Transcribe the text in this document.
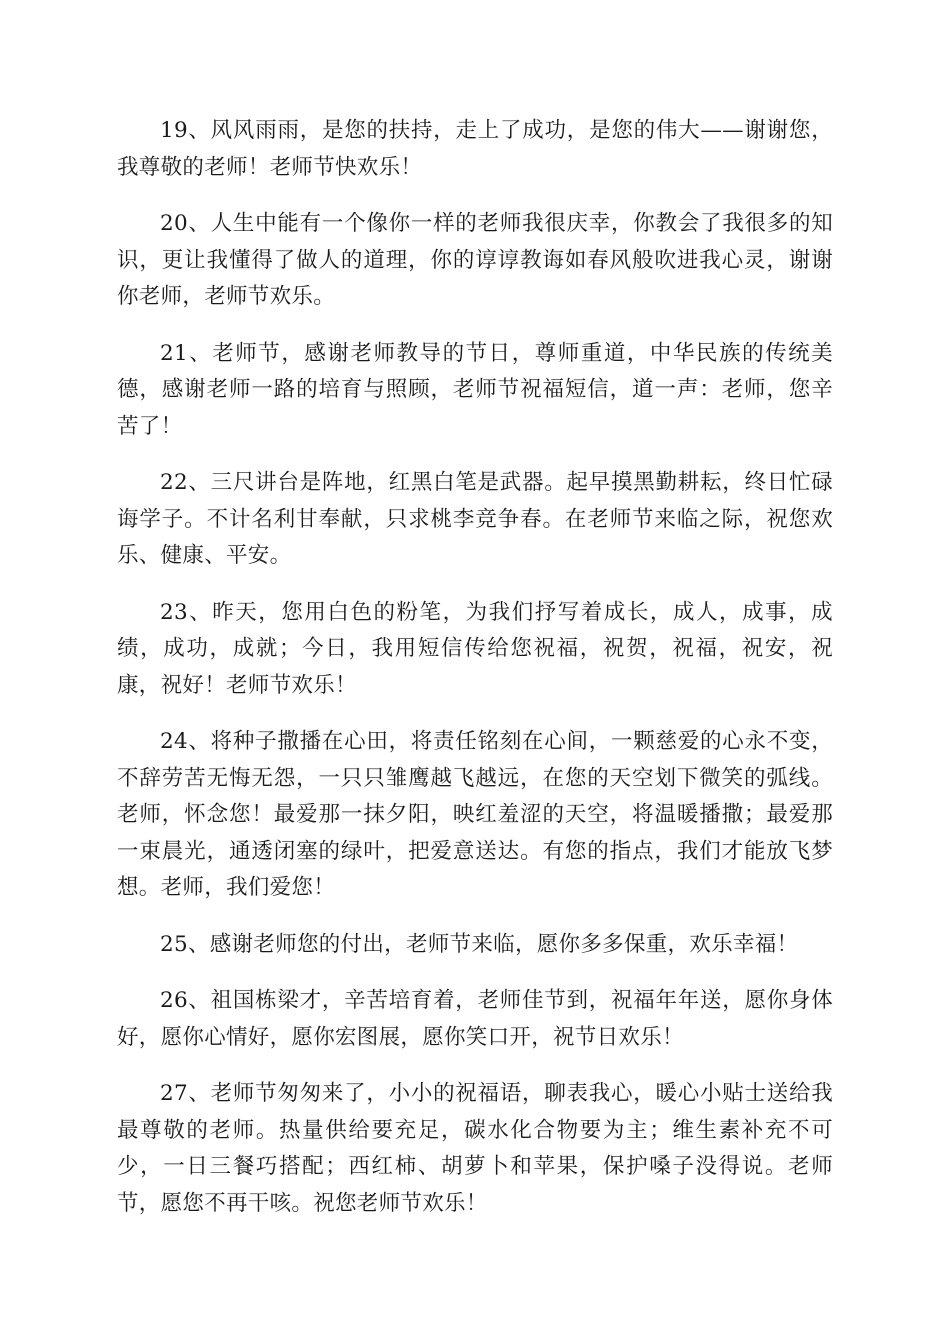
19、风风雨雨，是您的扶持，走上了成功，是您的伟大——谢谢您，我尊敬的老师！老师节快欢乐！

20、人生中能有一个像你一样的老师我很庆幸，你教会了我很多的知识，更让我懂得了做人的道理，你的谆谆教诲如春风般吹进我心灵，谢谢你老师，老师节欢乐。

21、老师节，感谢老师教导的节日，尊师重道，中华民族的传统美德，感谢老师一路的培育与照顾，老师节祝福短信，道一声：老师，您辛苦了！

22、三尺讲台是阵地，红黑白笔是武器。起早摸黑勤耕耘，终日忙碌诲学子。不计名利甘奉献，只求桃李竞争春。在老师节来临之际，祝您欢乐、健康、平安。

23、昨天，您用白色的粉笔，为我们抒写着成长，成人，成事，成绩，成功，成就；今日，我用短信传给您祝福，祝贺，祝福，祝安，祝康，祝好！老师节欢乐！

24、将种子撒播在心田，将责任铭刻在心间，一颗慈爱的心永不变，不辞劳苦无悔无怨，一只只雏鹰越飞越远，在您的天空划下微笑的弧线。老师，怀念您！最爱那一抹夕阳，映红羞涩的天空，将温暖播撒；最爱那一束晨光，通透闭塞的绿叶，把爱意送达。有您的指点，我们才能放飞梦想。老师，我们爱您！

25、感谢老师您的付出，老师节来临，愿你多多保重，欢乐幸福！

26、祖国栋梁才，辛苦培育着，老师佳节到，祝福年年送，愿你身体好，愿你心情好，愿你宏图展，愿你笑口开，祝节日欢乐！

27、老师节匆匆来了，小小的祝福语，聊表我心，暖心小贴士送给我最尊敬的老师。热量供给要充足，碳水化合物要为主；维生素补充不可少，一日三餐巧搭配；西红柿、胡萝卜和苹果，保护嗓子没得说。老师节，愿您不再干咳。祝您老师节欢乐！
